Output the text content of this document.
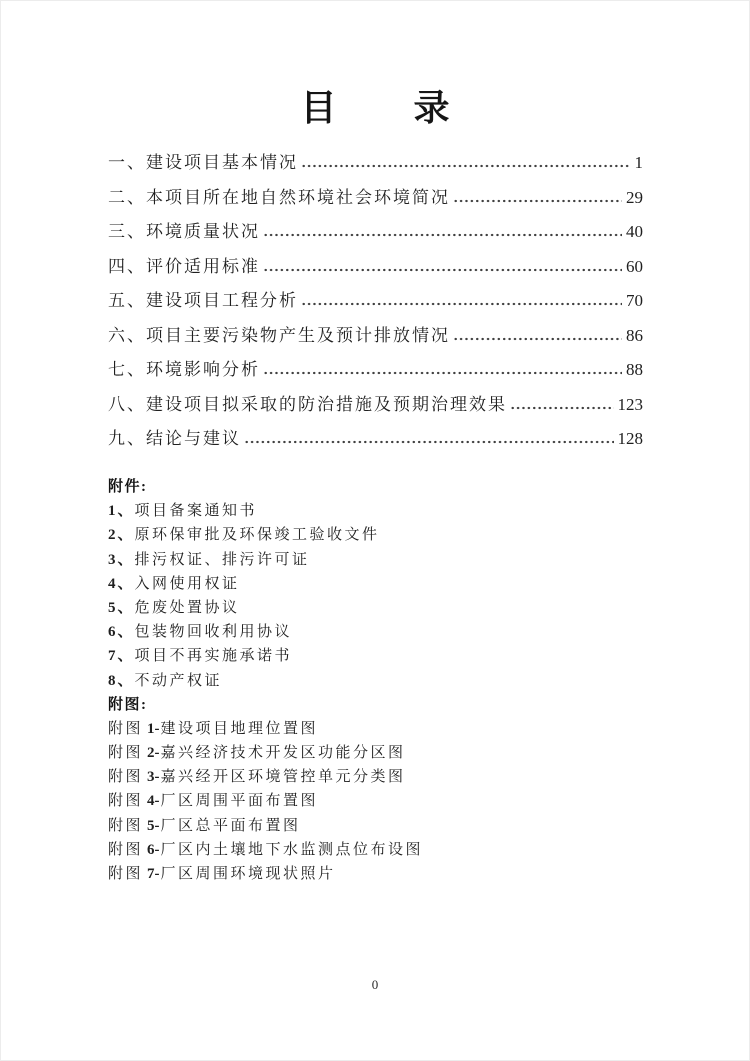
目 录
一、建设项目基本情况	1
二、本项目所在地自然环境社会环境简况	29
三、环境质量状况	40
四、评价适用标准	60
五、建设项目工程分析	70
六、项目主要污染物产生及预计排放情况	86
七、环境影响分析	88
八、建设项目拟采取的防治措施及预期治理效果	123
九、结论与建议	128
附件:
1、项目备案通知书
2、原环保审批及环保竣工验收文件
3、排污权证、排污许可证
4、入网使用权证
5、危废处置协议
6、包装物回收利用协议
7、项目不再实施承诺书
8、不动产权证
附图:
附图 1-建设项目地理位置图
附图 2-嘉兴经济技术开发区功能分区图
附图 3-嘉兴经开区环境管控单元分类图
附图 4-厂区周围平面布置图
附图 5-厂区总平面布置图
附图 6-厂区内土壤地下水监测点位布设图
附图 7-厂区周围环境现状照片
0
